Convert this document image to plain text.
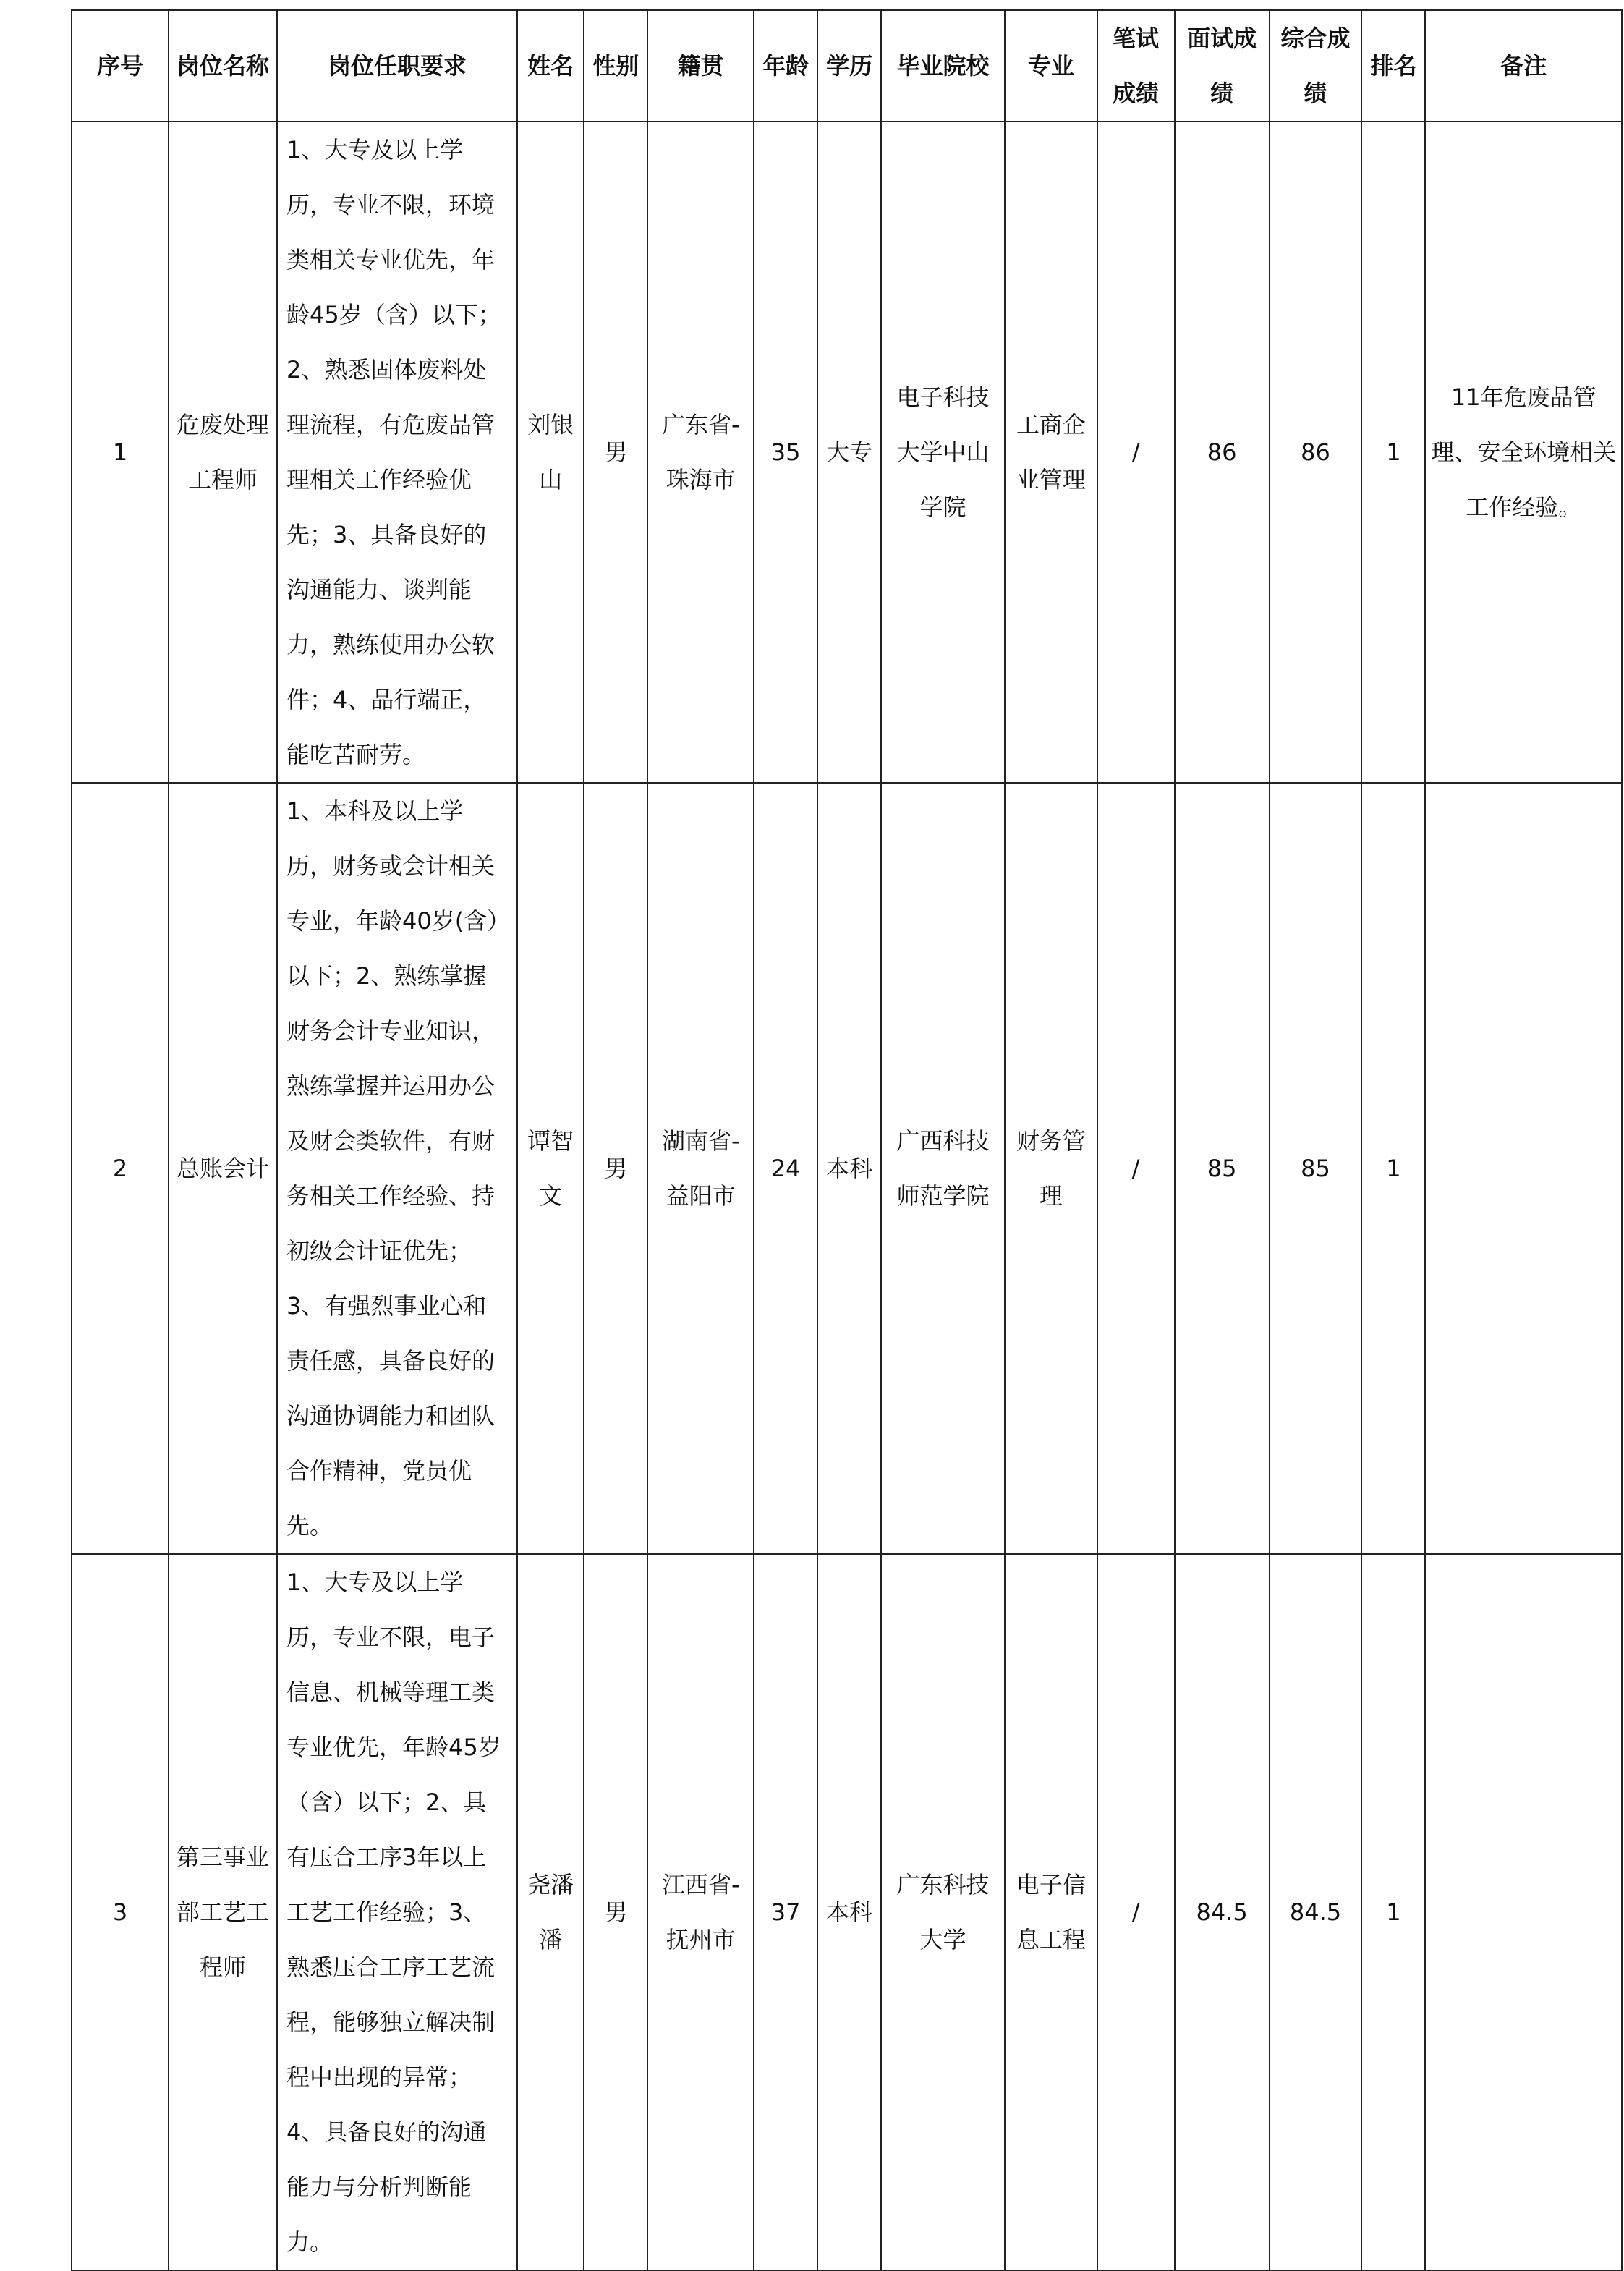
序号	岗位名称	岗位任职要求	姓名	性别	籍贯	年龄	学历	毕业院校	专业	笔试成绩	面试成绩	综合成绩	排名	备注
1	危废处理工程师	1、大专及以上学历，专业不限，环境类相关专业优先，年龄45岁（含）以下；2、熟悉固体废料处理流程，有危废品管理相关工作经验优先；3、具备良好的沟通能力、谈判能力，熟练使用办公软件；4、品行端正，能吃苦耐劳。	刘银山	男	广东省-珠海市	35	大专	电子科技大学中山学院	工商企业管理	/	86	86	1	11年危废品管理、安全环境相关工作经验。
2	总账会计	1、本科及以上学历，财务或会计相关专业，年龄40岁(含）以下；2、熟练掌握财务会计专业知识，熟练掌握并运用办公及财会类软件，有财务相关工作经验、持初级会计证优先；3、有强烈事业心和责任感，具备良好的沟通协调能力和团队合作精神，党员优先。	谭智文	男	湖南省-益阳市	24	本科	广西科技师范学院	财务管理	/	85	85	1	
3	第三事业部工艺工程师	1、大专及以上学历，专业不限，电子信息、机械等理工类专业优先，年龄45岁（含）以下；2、具有压合工序3年以上工艺工作经验；3、熟悉压合工序工艺流程，能够独立解决制程中出现的异常；4、具备良好的沟通能力与分析判断能力。	尧潘潘	男	江西省-抚州市	37	本科	广东科技大学	电子信息工程	/	84.5	84.5	1	
